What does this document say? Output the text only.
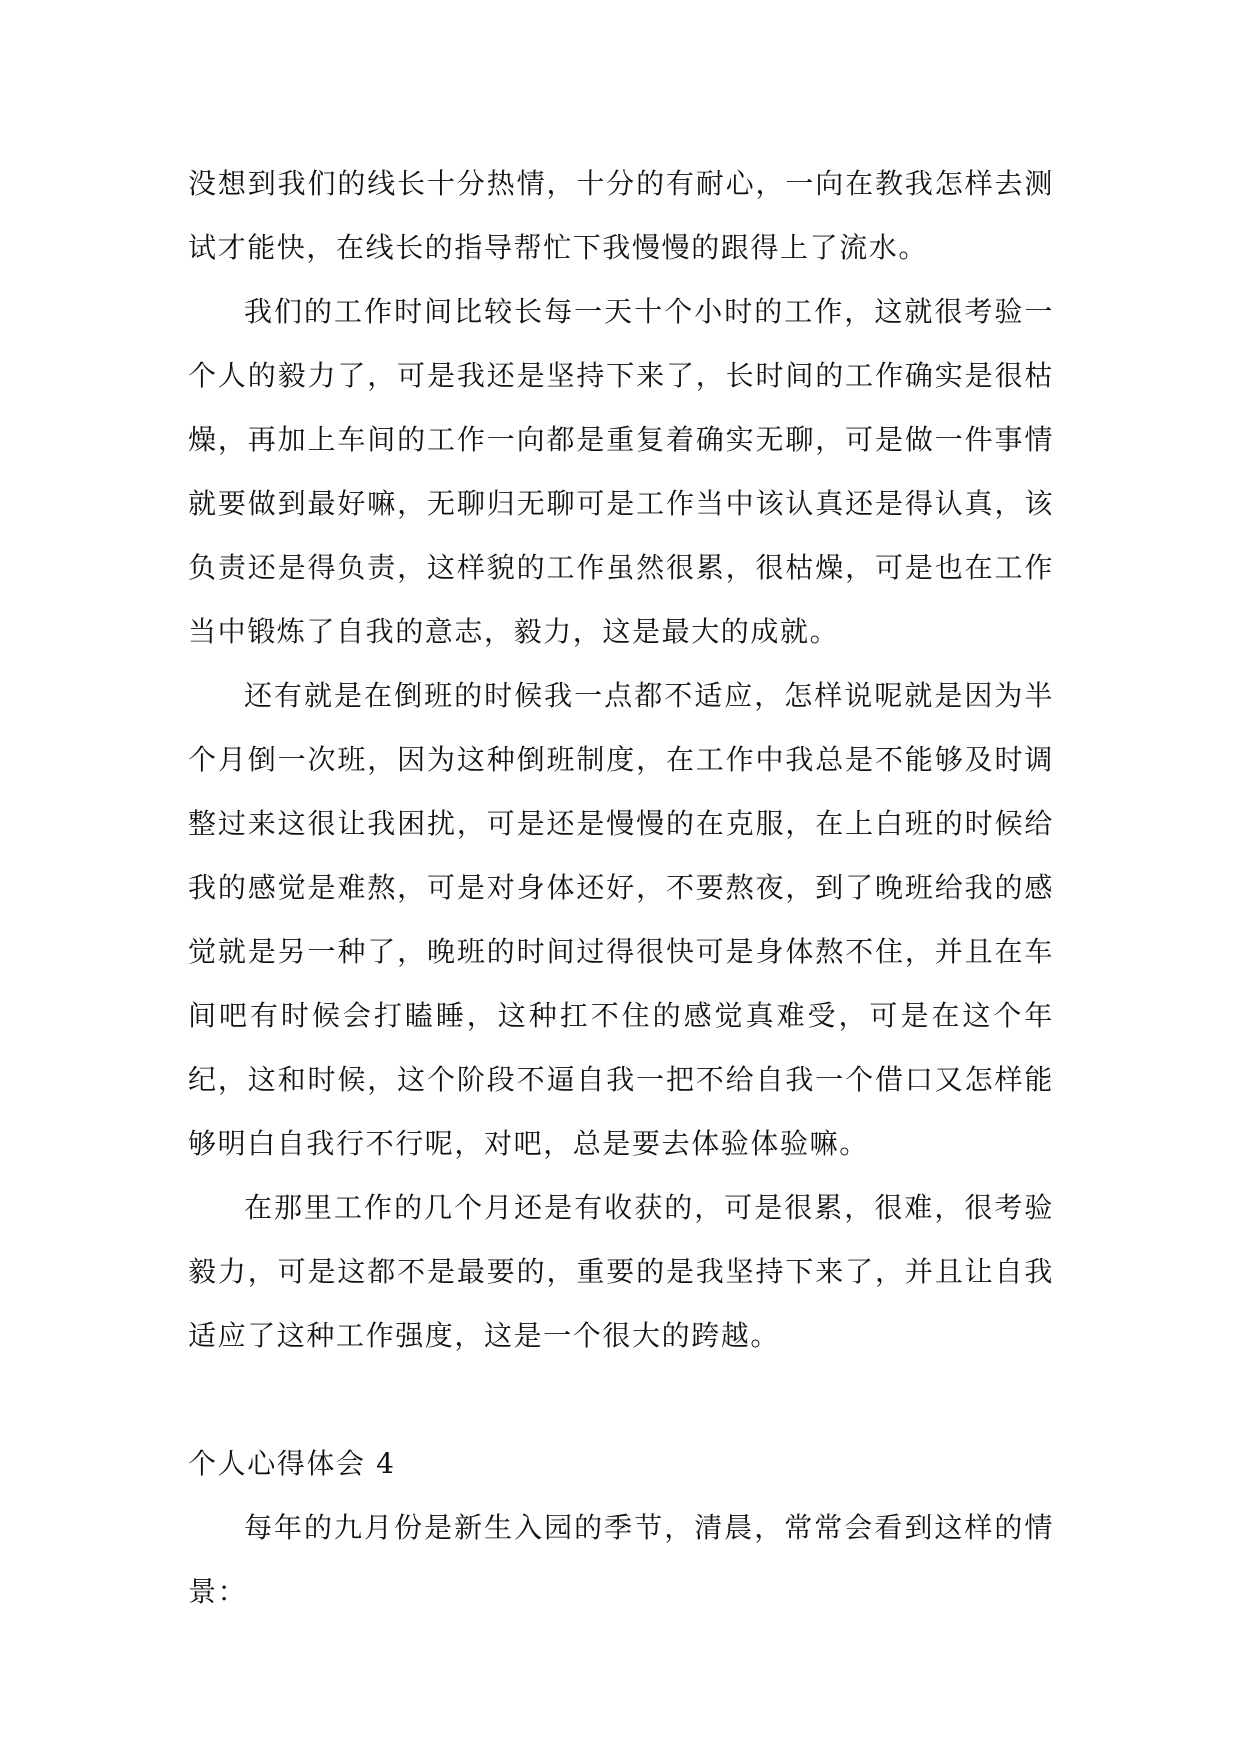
没想到我们的线长十分热情，十分的有耐心，一向在教我怎样去测试才能快，在线长的指导帮忙下我慢慢的跟得上了流水。

我们的工作时间比较长每一天十个小时的工作，这就很考验一个人的毅力了，可是我还是坚持下来了，长时间的工作确实是很枯燥，再加上车间的工作一向都是重复着确实无聊，可是做一件事情就要做到最好嘛，无聊归无聊可是工作当中该认真还是得认真，该负责还是得负责，这样貌的工作虽然很累，很枯燥，可是也在工作当中锻炼了自我的意志，毅力，这是最大的成就。

还有就是在倒班的时候我一点都不适应，怎样说呢就是因为半个月倒一次班，因为这种倒班制度，在工作中我总是不能够及时调整过来这很让我困扰，可是还是慢慢的在克服，在上白班的时候给我的感觉是难熬，可是对身体还好，不要熬夜，到了晚班给我的感觉就是另一种了，晚班的时间过得很快可是身体熬不住，并且在车间吧有时候会打瞌睡，这种扛不住的感觉真难受，可是在这个年纪，这和时候，这个阶段不逼自我一把不给自我一个借口又怎样能够明白自我行不行呢，对吧，总是要去体验体验嘛。

在那里工作的几个月还是有收获的，可是很累，很难，很考验毅力，可是这都不是最要的，重要的是我坚持下来了，并且让自我适应了这种工作强度，这是一个很大的跨越。

个人心得体会 4

每年的九月份是新生入园的季节，清晨，常常会看到这样的情景：
